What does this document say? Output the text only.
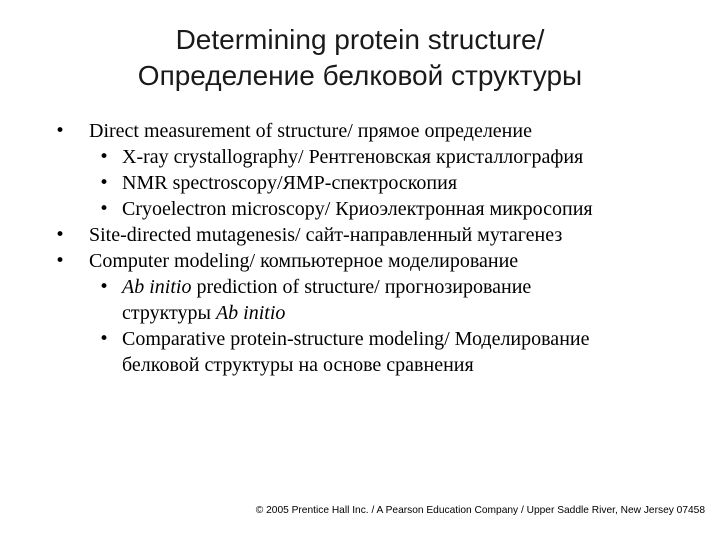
Determining protein structure/
Определение белковой структуры

• Direct measurement of structure/ прямое определение

• X-ray crystallography/ Рентгеновская кристаллография

• NMR spectroscopy/ЯМР-спектроскопия

• Cryoelectron microscopy/ Криоэлектронная микросопия

• Site-directed mutagenesis/ сайт-направленный мутагенез

• Computer modeling/ компьютерное моделирование

• Ab initio prediction of structure/ прогнозирование

структуры Ab initio

• Comparative protein-structure modeling/ Моделирование

белковой структуры на основе сравнения
© 2005 Prentice Hall Inc. / A Pearson Education Company / Upper Saddle River, New Jersey 07458
